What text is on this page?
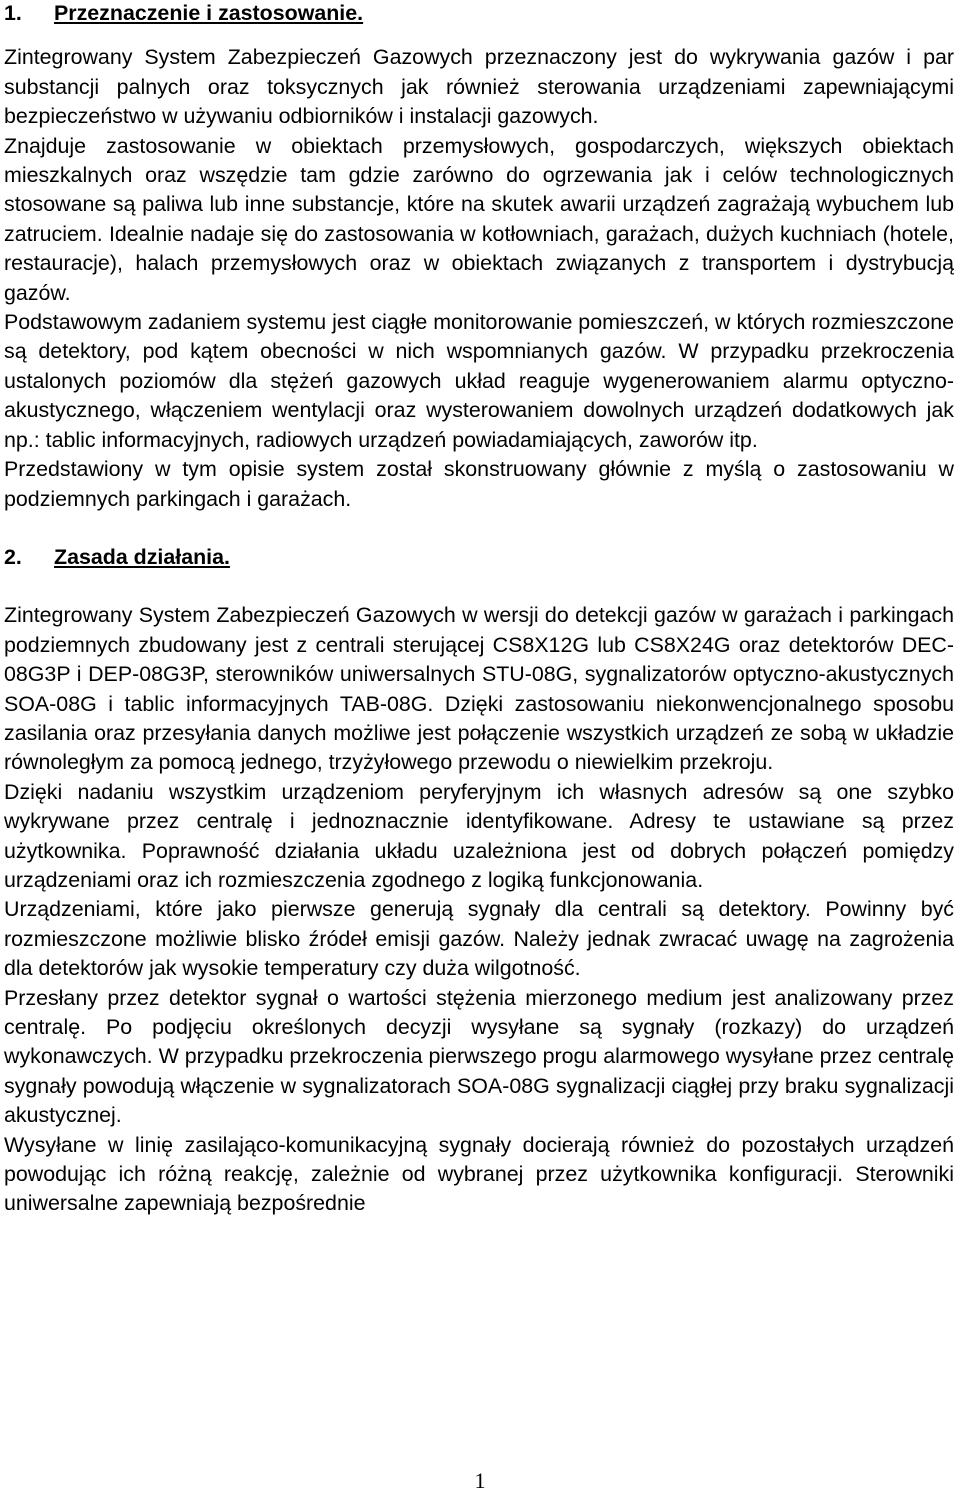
1.	Przeznaczenie i zastosowanie.

Zintegrowany System Zabezpieczeń Gazowych przeznaczony jest do wykrywania gazów i par substancji palnych oraz toksycznych jak również sterowania urządzeniami zapewniającymi bezpieczeństwo w używaniu odbiorników i instalacji gazowych.

Znajduje zastosowanie w obiektach przemysłowych, gospodarczych, większych obiektach mieszkalnych oraz wszędzie tam gdzie zarówno do ogrzewania jak i celów technologicznych stosowane są paliwa lub inne substancje, które na skutek awarii urządzeń zagrażają wybuchem lub zatruciem. Idealnie nadaje się do zastosowania w kotłowniach, garażach, dużych kuchniach (hotele, restauracje), halach przemysłowych oraz w obiektach związanych z transportem i dystrybucją gazów.

Podstawowym zadaniem systemu jest ciągłe monitorowanie pomieszczeń, w których rozmieszczone są detektory, pod kątem obecności w nich wspomnianych gazów. W przypadku przekroczenia ustalonych poziomów dla stężeń gazowych układ reaguje wygenerowaniem alarmu optyczno-akustycznego, włączeniem wentylacji oraz wysterowaniem dowolnych urządzeń dodatkowych jak np.: tablic informacyjnych, radiowych urządzeń powiadamiających, zaworów itp.

Przedstawiony w tym opisie system został skonstruowany głównie z myślą o zastosowaniu w podziemnych parkingach i garażach.

2.	Zasada działania.

Zintegrowany System Zabezpieczeń Gazowych w wersji do detekcji gazów w garażach i parkingach podziemnych zbudowany jest z centrali sterującej CS8X12G lub CS8X24G oraz detektorów DEC-08G3P i DEP-08G3P, sterowników uniwersalnych STU-08G, sygnalizatorów optyczno-akustycznych SOA-08G i tablic informacyjnych TAB-08G. Dzięki zastosowaniu niekonwencjonalnego sposobu zasilania oraz przesyłania danych możliwe jest połączenie wszystkich urządzeń ze sobą w układzie równoległym za pomocą jednego, trzyżyłowego przewodu o niewielkim przekroju.

Dzięki nadaniu wszystkim urządzeniom peryferyjnym ich własnych adresów są one szybko wykrywane przez centralę i jednoznacznie identyfikowane. Adresy te ustawiane są przez użytkownika. Poprawność działania układu uzależniona jest od dobrych połączeń pomiędzy urządzeniami oraz ich rozmieszczenia zgodnego z logiką funkcjonowania.

Urządzeniami, które jako pierwsze generują sygnały dla centrali są detektory. Powinny być rozmieszczone możliwie blisko źródeł emisji gazów. Należy jednak zwracać uwagę na zagrożenia dla detektorów jak wysokie temperatury czy duża wilgotność.

Przesłany przez detektor sygnał o wartości stężenia mierzonego medium jest analizowany przez centralę. Po podjęciu określonych decyzji wysyłane są sygnały (rozkazy) do urządzeń wykonawczych. W przypadku przekroczenia pierwszego progu alarmowego wysyłane przez centralę sygnały powodują włączenie w sygnalizatorach SOA-08G sygnalizacji ciągłej przy braku sygnalizacji akustycznej.

Wysyłane w linię zasilająco-komunikacyjną sygnały docierają również do pozostałych urządzeń powodując ich różną reakcję, zależnie od wybranej przez użytkownika konfiguracji. Sterowniki uniwersalne zapewniają bezpośrednie

1
